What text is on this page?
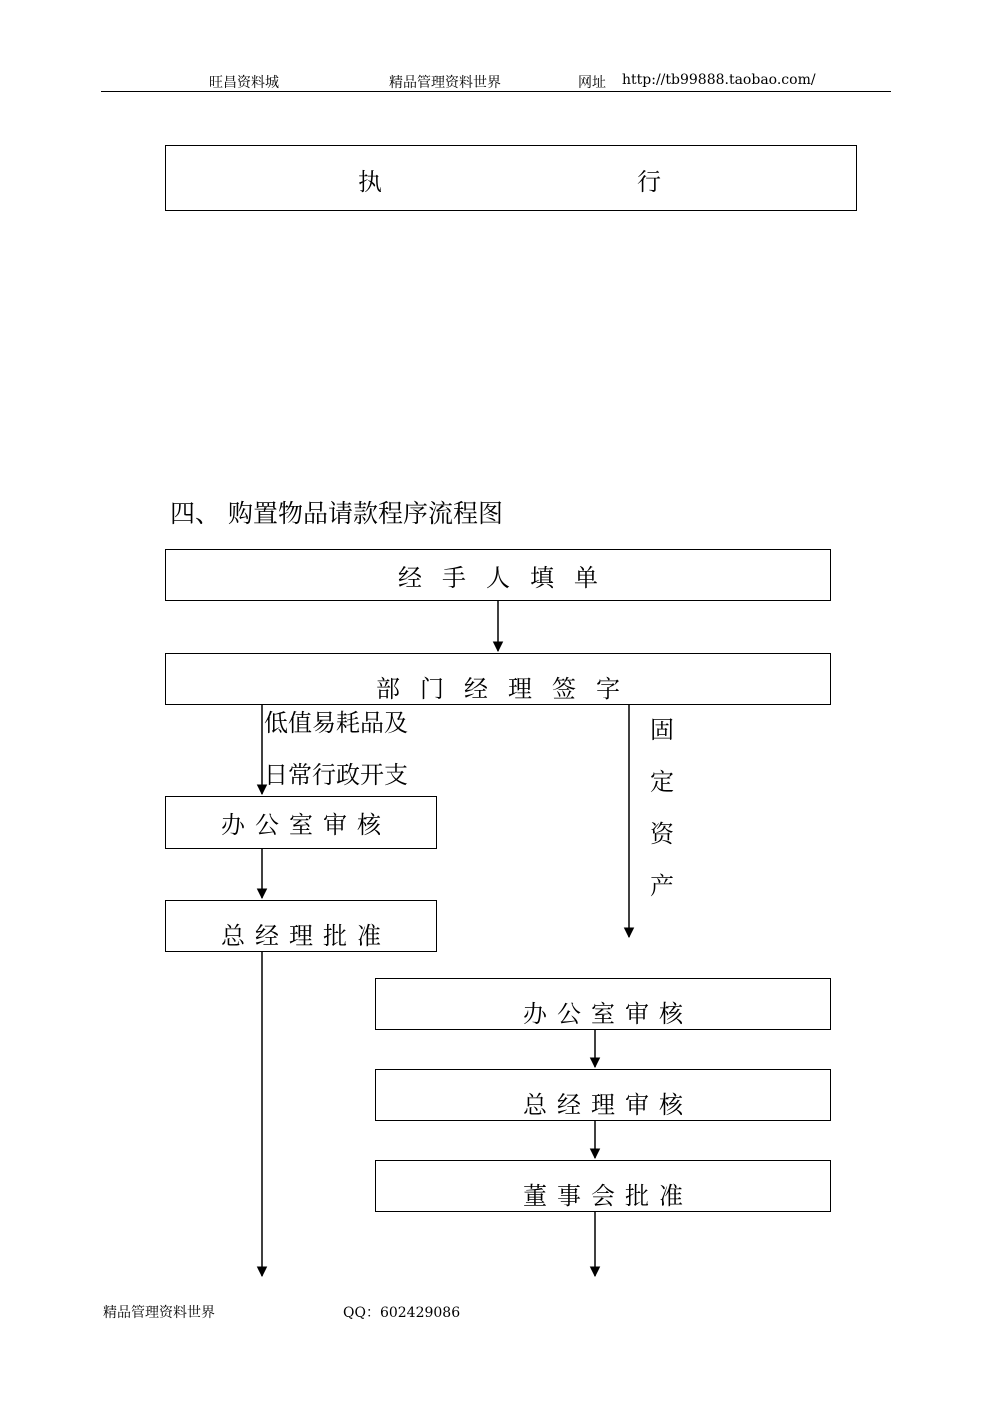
旺昌资料城	精品管理资料世界	网址 http://tb99888.taobao.com/
执	行
四、 购置物品请款程序流程图
经手人填单
部门经理签字
低值易耗品及
日常行政开支
固
定
资
产
办公室审核
总经理批准
办公室审核
总经理审核
董事会批准
精品管理资料世界	QQ：602429086
